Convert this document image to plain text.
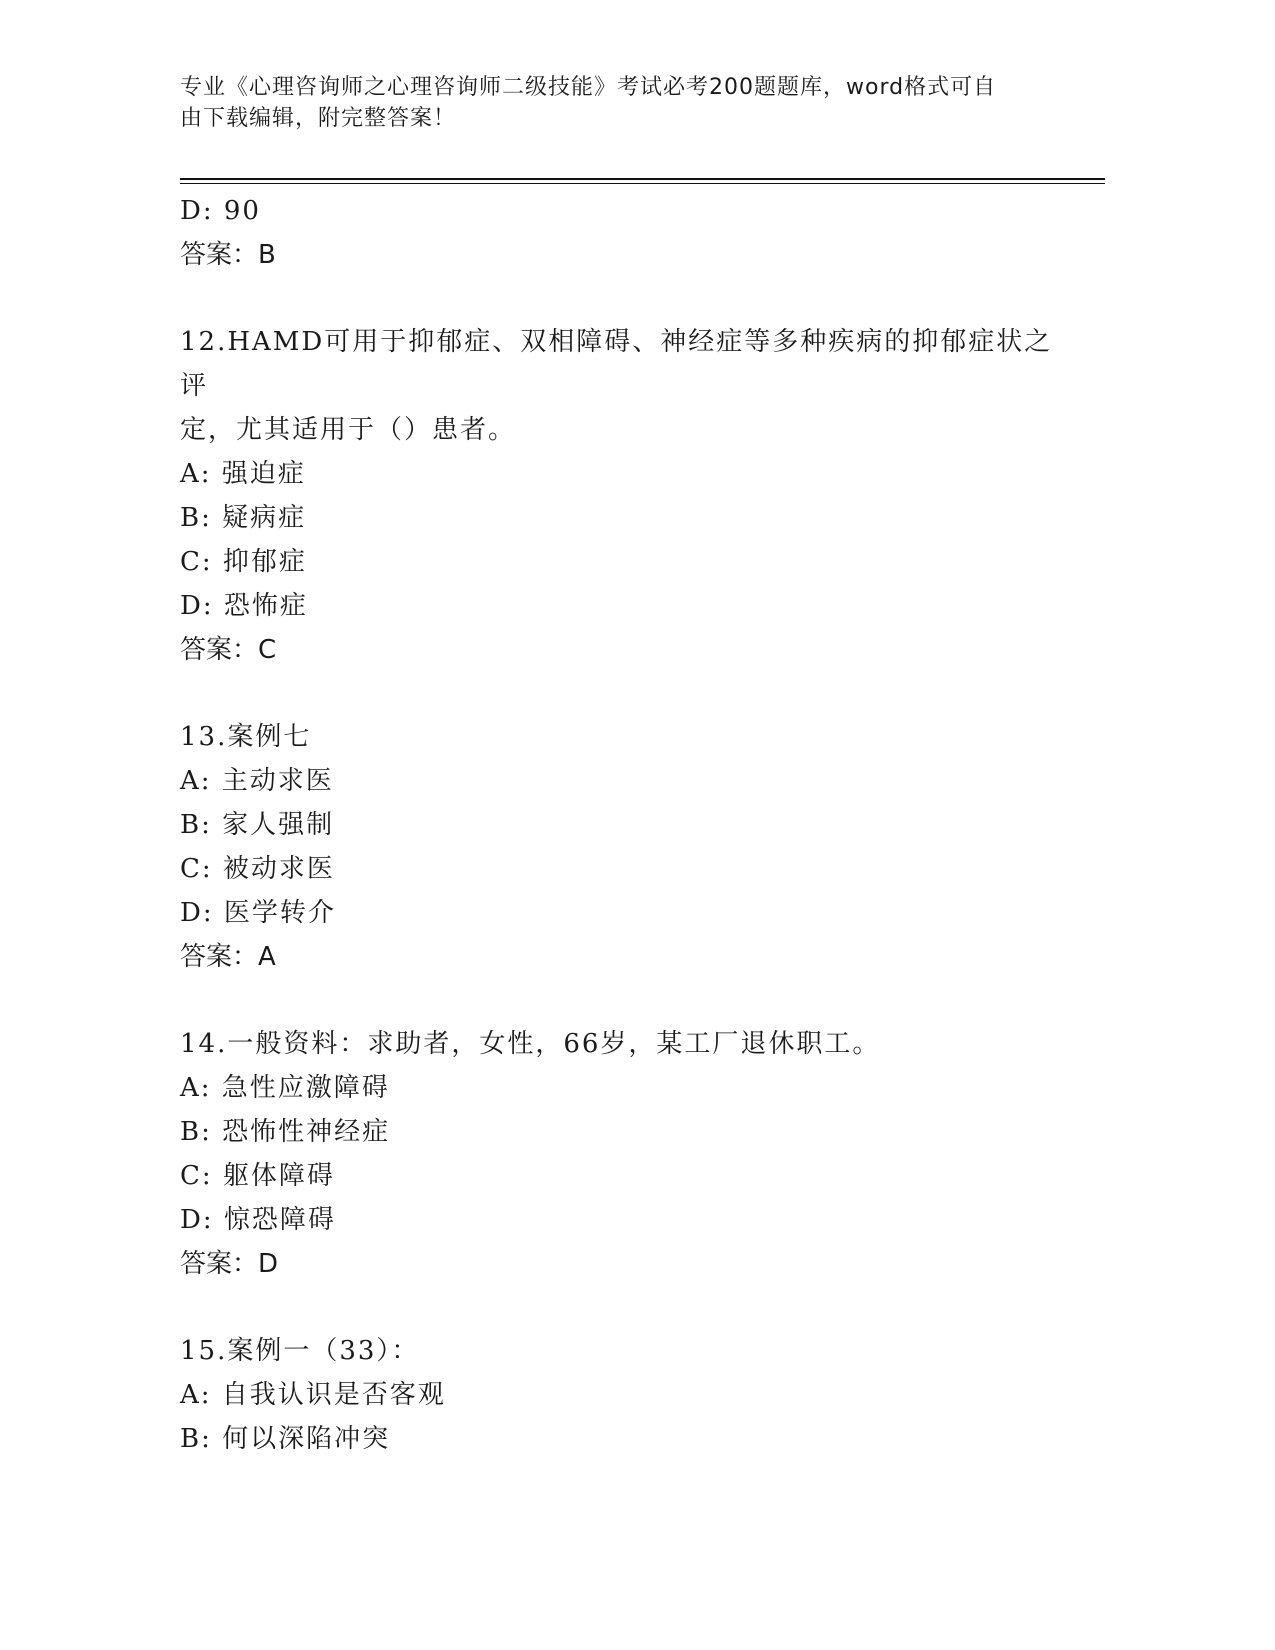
专业《心理咨询师之心理咨询师二级技能》考试必考200题题库，word格式可自
由下载编辑，附完整答案！
D: 90
答案：B
12.HAMD可用于抑郁症、双相障碍、神经症等多种疾病的抑郁症状之评
定，尤其适用于（）患者。
A: 强迫症
B: 疑病症
C: 抑郁症
D: 恐怖症
答案：C
13.案例七
A: 主动求医
B: 家人强制
C: 被动求医
D: 医学转介
答案：A
14.一般资料：求助者，女性，66岁，某工厂退休职工。
A: 急性应激障碍
B: 恐怖性神经症
C: 躯体障碍
D: 惊恐障碍
答案：D
15.案例一（33）：
A: 自我认识是否客观
B: 何以深陷冲突
